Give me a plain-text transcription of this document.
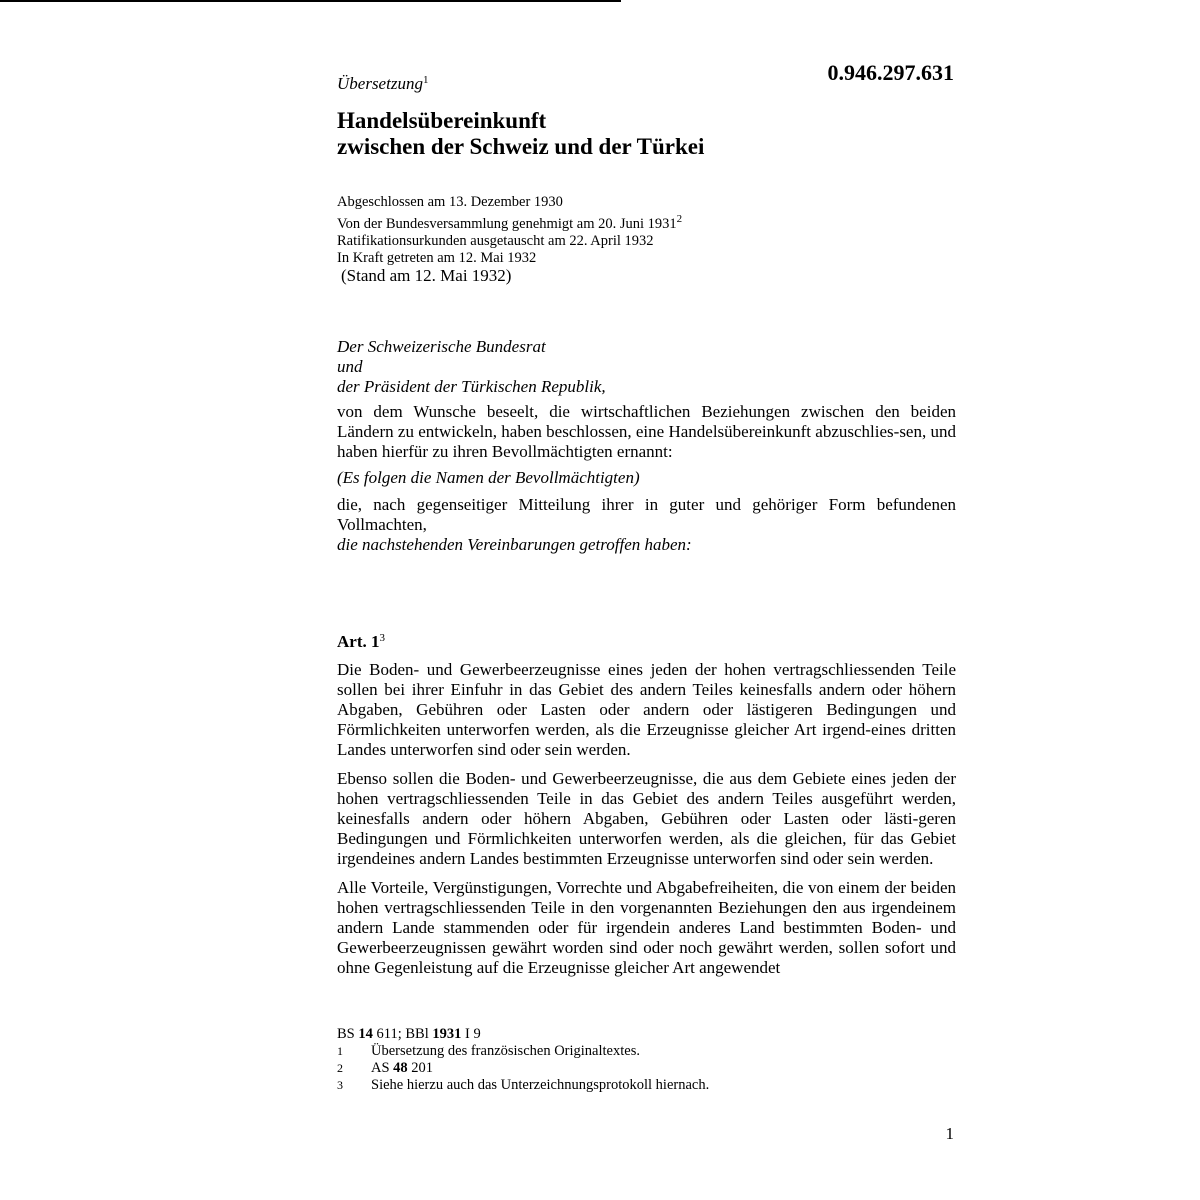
0.946.297.631
Übersetzung$^1$
Handelsübereinkunft
zwischen der Schweiz und der Türkei
Abgeschlossen am 13. Dezember 1930
Von der Bundesversammlung genehmigt am 20. Juni 1931$^2$
Ratifikationsurkunden ausgetauscht am 22. April 1932
In Kraft getreten am 12. Mai 1932
(Stand am 12. Mai 1932)

Der Schweizerische Bundesrat

und

der Präsident der Türkischen Republik,

von dem Wunsche beseelt, die wirtschaftlichen Beziehungen zwischen den beiden Ländern zu entwickeln, haben beschlossen, eine Handelsübereinkunft abzuschlies-sen, und haben hierfür zu ihren Bevollmächtigten ernannt:

(Es folgen die Namen der Bevollmächtigten)

die, nach gegenseitiger Mitteilung ihrer in guter und gehöriger Form befundenen Vollmachten,

die nachstehenden Vereinbarungen getroffen haben:

Art. 1$^3$

Die Boden- und Gewerbeerzeugnisse eines jeden der hohen vertragschliessenden Teile sollen bei ihrer Einfuhr in das Gebiet des andern Teiles keinesfalls andern oder höhern Abgaben, Gebühren oder Lasten oder andern oder lästigeren Bedingungen und Förmlichkeiten unterworfen werden, als die Erzeugnisse gleicher Art irgend-eines dritten Landes unterworfen sind oder sein werden.

Ebenso sollen die Boden- und Gewerbeerzeugnisse, die aus dem Gebiete eines jeden der hohen vertragschliessenden Teile in das Gebiet des andern Teiles ausgeführt werden, keinesfalls andern oder höhern Abgaben, Gebühren oder Lasten oder lästi-geren Bedingungen und Förmlichkeiten unterworfen werden, als die gleichen, für das Gebiet irgendeines andern Landes bestimmten Erzeugnisse unterworfen sind oder sein werden.

Alle Vorteile, Vergünstigungen, Vorrechte und Abgabefreiheiten, die von einem der beiden hohen vertragschliessenden Teile in den vorgenannten Beziehungen den aus irgendeinem andern Lande stammenden oder für irgendein anderes Land bestimmten Boden- und Gewerbeerzeugnissen gewährt worden sind oder noch gewährt werden, sollen sofort und ohne Gegenleistung auf die Erzeugnisse gleicher Art angewendet

BS 14 611; BBl 1931 I 9
1	Übersetzung des französischen Originaltextes.
2	AS 48 201
3	Siehe hierzu auch das Unterzeichnungsprotokoll hiernach.
1
